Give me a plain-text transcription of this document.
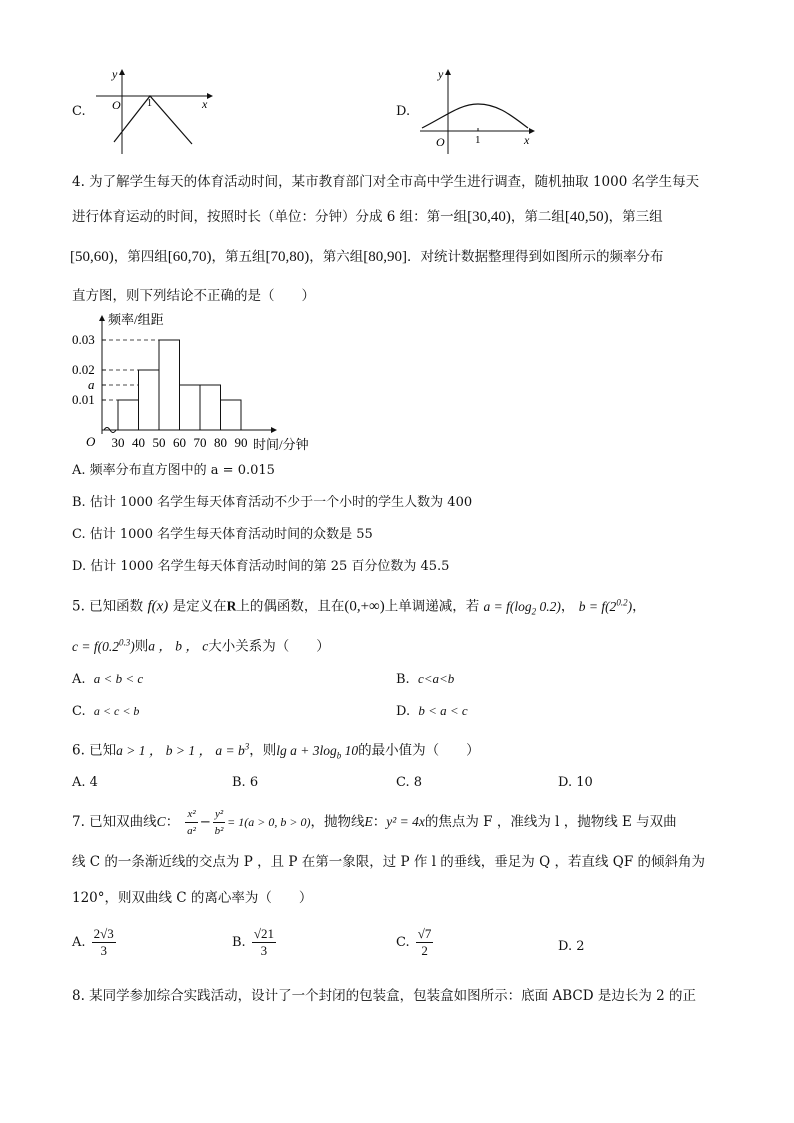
C.	x
y
O	1
D.
x
y
O	1
4. 为了解学生每天的体育活动时间，某市教育部门对全市高中学生进行调查，随机抽取 1000 名学生每天
进行体育运动的时间，按照时长（单位：分钟）分成 6 组：第一组[30,40)，第二组[40,50)，第三组
[50,60)，第四组[60,70)，第五组[70,80)，第六组[80,90]．对统计数据整理得到如图所示的频率分布
直方图，则下列结论不正确的是（　　）
频率/组距
O
0.03
0.02
a
0.01
30 40 50 60 70 80 90 时间/分钟
A. 频率分布直方图中的 a = 0.015
B. 估计 1000 名学生每天体育活动不少于一个小时的学生人数为 400
C. 估计 1000 名学生每天体育活动时间的众数是 55
D. 估计 1000 名学生每天体育活动时间的第 25 百分位数为 45.5
5. 已知函数 f(x) 是定义在R上的偶函数，且在(0,+∞)上单调递减，若 $a = f(\log_2$ 0.2)， $b = f(2^{0.2})$，
$c = f(0.2^{0.3})$则a ， b ， c大小关系为（　　）
A. a < b < c	B. c<a<b
C. a < c < b	D. b < a < c
6. 已知a > 1 ， b > 1 ， $a = b^3$，则$\lg a + 3\log_b$ 10的最小值为（　　）
A. 4	B. 6	C. 8	D. 10
7. 已知双曲线C： $\frac{\text{x²}}{\text{a²}} - \frac{\text{y²}}{\text{b²}} = 1(a > 0$, b > 0)，抛物线E：y² = 4x的焦点为 F ，准线为 l ，抛物线 E 与双曲
线 C 的一条渐近线的交点为 P ，且 P 在第一象限，过 P 作 l 的垂线，垂足为 Q ，若直线 QF 的倾斜角为
120°，则双曲线 C 的离心率为（　　）
A. $\frac{2√3}{3}$	B. $\frac{√21}{3}$	C. $\frac{√7}{2}$	D. 2
8. 某同学参加综合实践活动，设计了一个封闭的包装盒，包装盒如图所示：底面 ABCD 是边长为 2 的正
